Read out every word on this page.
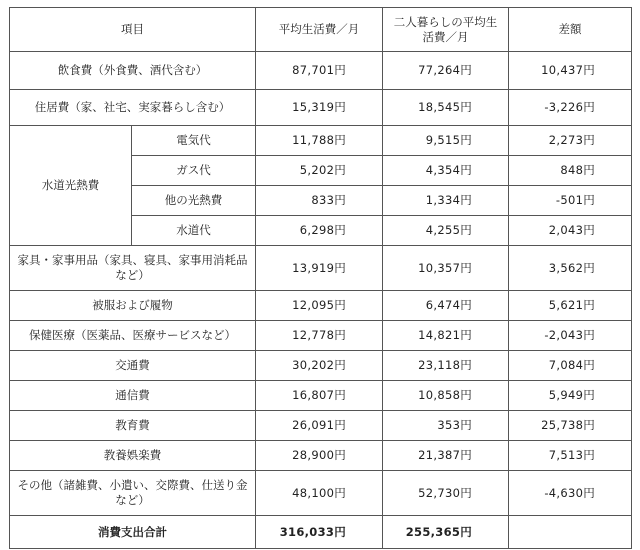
項目		平均生活費／月	二人暮らしの平均生活費／月	差額
飲食費（外食費、酒代含む）		87,701円	77,264円	10,437円
住居費（家、社宅、実家暮らし含む）		15,319円	18,545円	-3,226円
水道光熱費	電気代	11,788円	9,515円	2,273円
	ガス代	5,202円	4,354円	848円
	他の光熱費	833円	1,334円	-501円
	水道代	6,298円	4,255円	2,043円
家具・家事用品（家具、寝具、家事用消耗品など）		13,919円	10,357円	3,562円
被服および履物		12,095円	6,474円	5,621円
保健医療（医薬品、医療サービスなど）		12,778円	14,821円	-2,043円
交通費		30,202円	23,118円	7,084円
通信費		16,807円	10,858円	5,949円
教育費		26,091円	353円	25,738円
教養娯楽費		28,900円	21,387円	7,513円
その他（諸雑費、小遣い、交際費、仕送り金など）		48,100円	52,730円	-4,630円
消費支出合計		316,033円	255,365円	
